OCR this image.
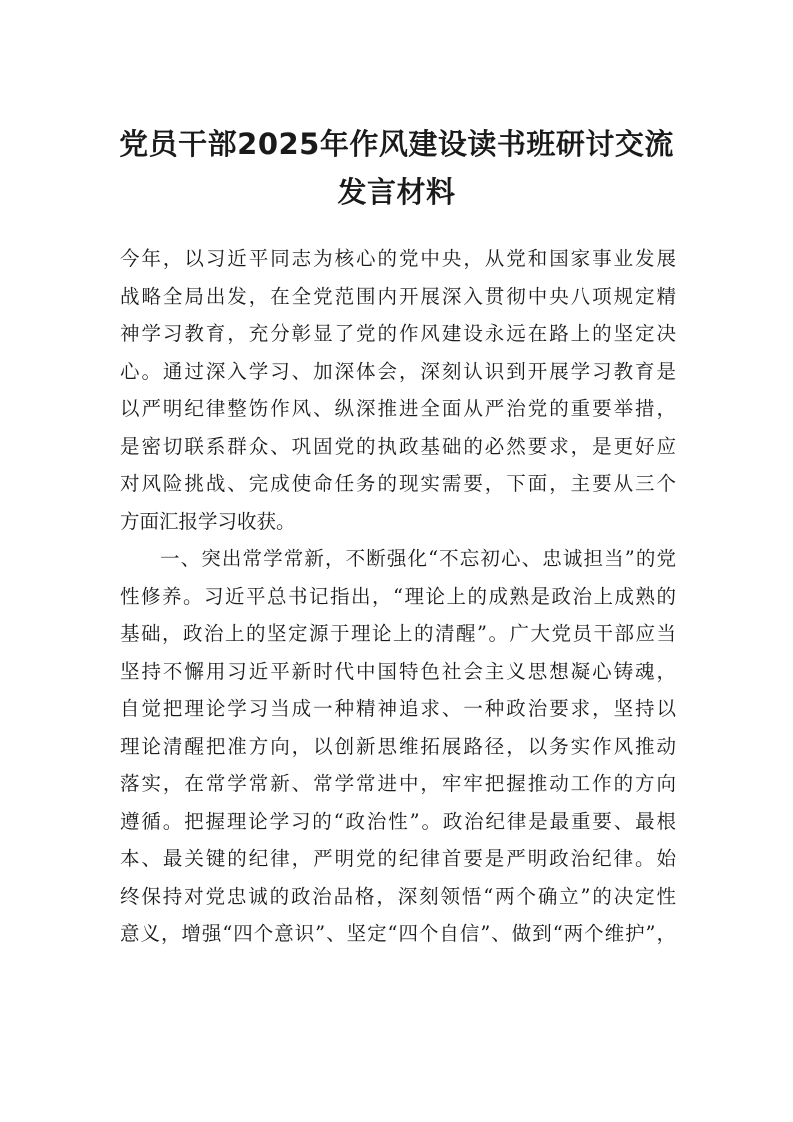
党员干部2025年作风建设读书班研讨交流
发言材料
今年，以习近平同志为核心的党中央，从党和国家事业发展
战略全局出发，在全党范围内开展深入贯彻中央八项规定精
神学习教育，充分彰显了党的作风建设永远在路上的坚定决
心。通过深入学习、加深体会，深刻认识到开展学习教育是
以严明纪律整饬作风、纵深推进全面从严治党的重要举措，
是密切联系群众、巩固党的执政基础的必然要求，是更好应
对风险挑战、完成使命任务的现实需要，下面，主要从三个
方面汇报学习收获。
一、突出常学常新，不断强化“不忘初心、忠诚担当”的党
性修养。习近平总书记指出，“理论上的成熟是政治上成熟的
基础，政治上的坚定源于理论上的清醒”。广大党员干部应当
坚持不懈用习近平新时代中国特色社会主义思想凝心铸魂，
自觉把理论学习当成一种精神追求、一种政治要求，坚持以
理论清醒把准方向，以创新思维拓展路径，以务实作风推动
落实，在常学常新、常学常进中，牢牢把握推动工作的方向
遵循。把握理论学习的“政治性”。政治纪律是最重要、最根
本、最关键的纪律，严明党的纪律首要是严明政治纪律。始
终保持对党忠诚的政治品格，深刻领悟“两个确立”的决定性
意义，增强“四个意识”、坚定“四个自信”、做到“两个维护”，
